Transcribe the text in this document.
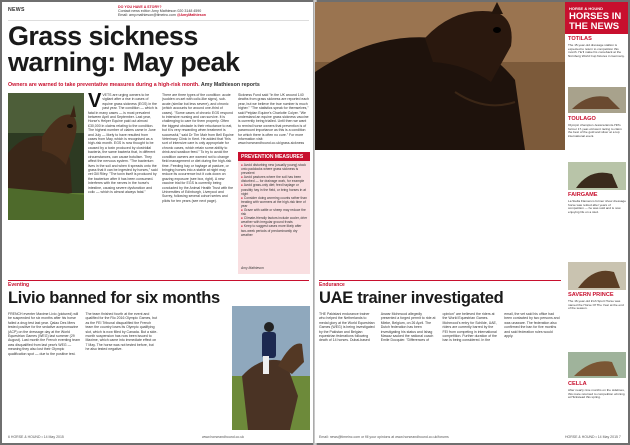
NEWS	DO YOU HAVE A STORY?
Contact news editor: Amy Mathieson 020 3148 4590
Email: amy.mathieson@timeinc.com @AmyMathieson
Grass sickness warning: May peak
Owners are warned to take preventative measures during a high-risk month. Amy Mathieson reports
VVETS are urging owners to be vigilant after a rise in cases of equine grass sickness (EGS) in the past year. The condition — which is fatal in many cases — is most prevalent between April and September. Last year, Horse's Helper Equine paid out almost £30,000 in claims relating to the condition. The highest number of claims came in June and July — likely to have resulted from cases from May, which is recognised as a high-risk month. EGS is now thought to be caused by a toxin produced by clostridial bacteria, the same bacteria that, in different circumstances, can cause botulism. They affect the nervous system. "The bacterium lives in the soil and when it spreads onto the grass that it can be ingested by horses," said vet Gill Riley. "The toxin itself is produced by the bacterium after it has been consumed. Interferes with the nerves in the horse's intestine, causing severe dysfunction and colic — which is almost always fatal."
There are three types of the condition: acute (sudden on-set with colic-like signs), sub-acute (similar but less severe), and chronic (which accounts for around one-third of cases). "Some cases of chronic EGS respond to intensive nursing and can survive. It is challenging to care for them properly. Often the biggest obstacle is their reluctance to eat, but it is very rewarding when treatment is successful," said Dr Tim Mair from Bell Equine Veterinary Clinic in Kent. He added that "this sort of intensive care is only appropriate for chronic cases, which retain some ability to drink and swallow feed." To try to avoid the condition owners are warned not to change field management or diet during the high-risk time. Feeding hay or haylage at pasture, or bringing horses into a stable at night may reduce its occurrence but it cuts down on grazing exposure (see box, right). A new vaccine trial for EGS is currently being conducted by the Animal Health Trust with the Universities of Edinburgh, Liverpool and Surrey, following several cohort series and pilots for ten years (see next page).
Sickness Fund said "in the UK around 140 deaths from grass sickness are reported each year, but we believe the true number is much higher." "The statistics speak for themselves," said Petplan Equine's Charlotte Colyer. "We understand an equine grass sickness vaccine is currently being trialled. Until then we want to remind horse owners that prevention is of paramount importance as this is a condition for which there is often no cure." For more information visit: www.horseandhound.co.uk/grass-sickness
PREVENTION MEASURES
● Avoid disturbing new (usually young) stock onto paddocks where grass sickness is prevalent
● Avoid pastures where the soil has been disturbed — for drainage work, for example
● Avoid grass-only diet; feed haylage or possibly hay in the field, or bring horses in at night
● Consider doing worming counts rather than treating with wormers at the high-risk time of year
● Graze with cattle or sheep may reduce the risk
● Climate-friendly factors include cooler, drier weather with irregular ground frosts
● Keep to suggest cases more likely after two-week periods of predominantly dry weather
Amy Mathieson
Eventing
Livio banned for six months
FRENCH eventer Maxime Livio (pictured) will be suspended for six months after his horse failed a drug test last year. Qalao Des Mers tested positive for the sedative acepromazine (ACP) on the dressage day at the World Equestrian Games (WEG) last summer (29 August). Last month the French eventing team was disqualified from last year's WEG — meaning they also lost their Olympic qualification spot — due to the positive test. The team finished fourth at the event and qualified for the Rio 2016 Olympic Games, but as the FEI Tribunal disqualified the French team the country loses its Olympic qualifying slot, which is now filled by Canada. But a side-month suspension has now been issued to Maxime, which came into immediate effect on 7 May. The horse was not tested before, but he also tested negative.
6 HORSE & HOUND • 14 May 2015	www.horseandhound.co.uk
HORSE & HOUND
HORSES IN THE NEWS
TOTILAS
The 15-year-old dressage stallion is expected to return to competition this month. He'll make his comeback at the Nürnberg World Cup fixtures in Germany.
TOULAGO
Olympic champion Jessica Ennis-Hill's former 17-year-old went racing to claim the best of the gold and silver at a top international event.
FAIRGAME
La Stella Flamenco former show dressage horse was retired after years of competition — he was sold and is now enjoying life on a stud.
SAVERN PRINCE
The 16-year-old Irish Sport Horse was named the Horse Of The Year at the end of the season.
CELLA
After nearly nine months on the sidelines, this mare returned to competition winning at Hickstead this spring.
Endurance
UAE trainer investigated
THE Pakistani endurance trainer who helped the Netherlands to medal glory at the World Equestrian Games (WEG) is being investigated by the Pakistan and Belgian equestrian federations following death of 14 horses. Dubai-based Anwar Mohmood allegedly presented a forged permit to ride at Mieke, Belgium, on 26 April. The Dutch federation has been investigating his status and Ishag Mawaz sacked the national coach Emile Docquier. "Differences of opinion" are believed the riders at the World Equestrian Games. Mohmood's entry for Schilde, UAE, riders are currently barred by the FEI from competing in international competition. Further duration of the ban is being considered. In the email, the vet said his office had been contacted by two persons and was unaware. The federation also confirmed the ban for five months and said federation rules would apply.
Email: news@timeinc.com or fill your opinions at www.horseandhound.co.uk/forums	HORSE & HOUND • 14 May 2015 7
